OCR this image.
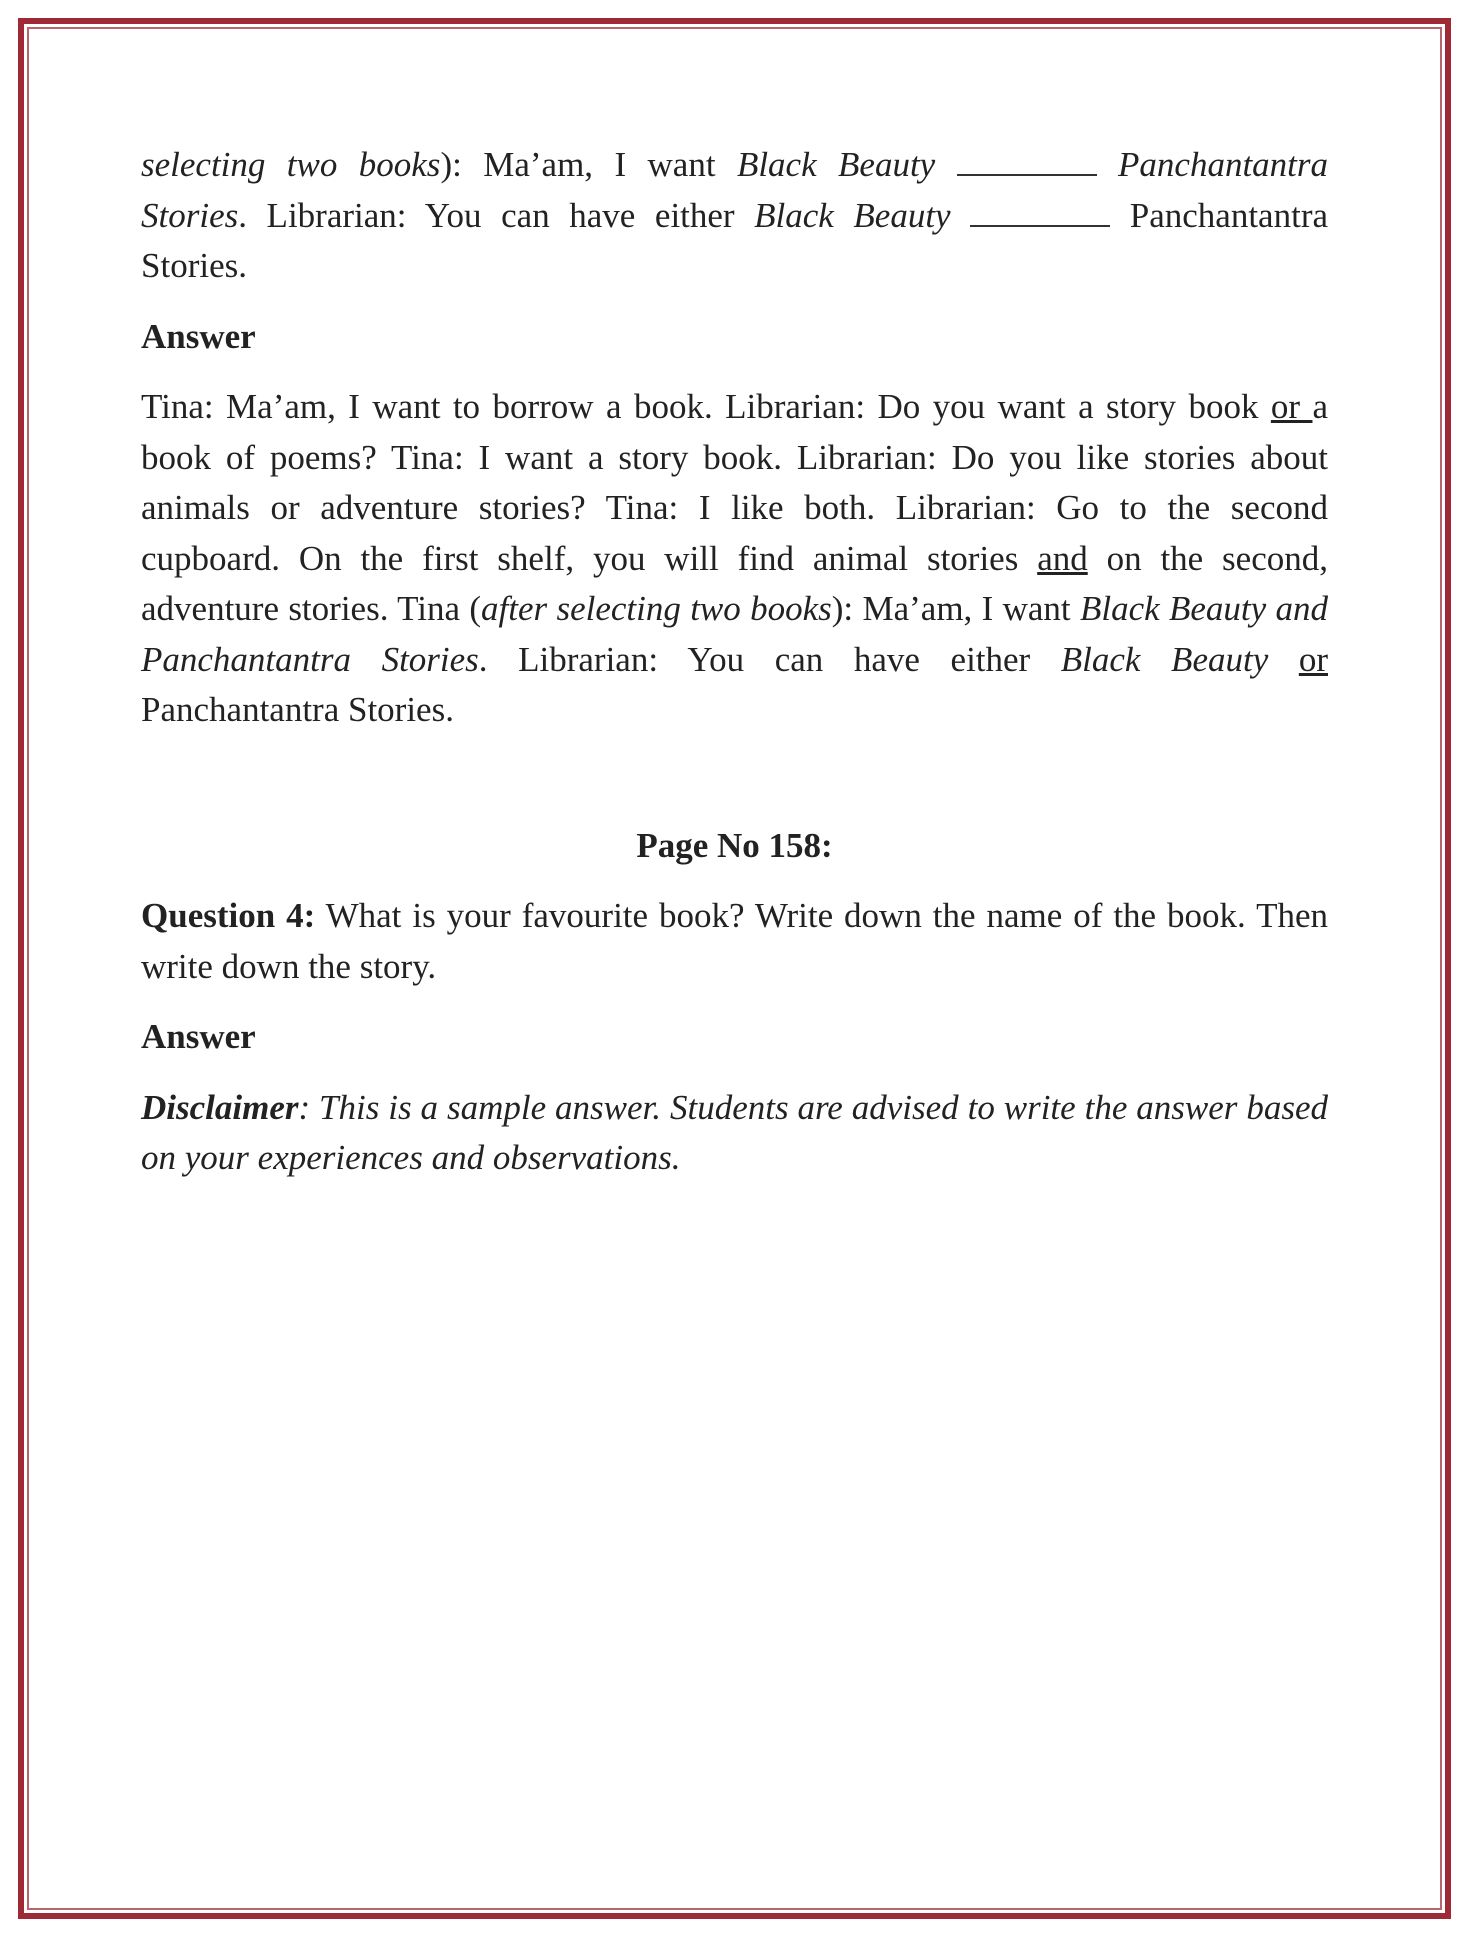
selecting two books): Ma’am, I want Black Beauty	Panchantantra Stories. Librarian: You can have either Black Beauty	Panchantantra Stories.

Answer

Tina: Ma’am, I want to borrow a book. Librarian: Do you want a story book or a book of poems? Tina: I want a story book. Librarian: Do you like stories about animals or adventure stories? Tina: I like both. Librarian: Go to the second cupboard. On the first shelf, you will find animal stories and on the second, adventure stories. Tina (after selecting two books): Ma’am, I want Black Beauty and Panchantantra Stories. Librarian: You can have either Black Beauty or Panchantantra Stories.

Page No 158:

Question 4: What is your favourite book? Write down the name of the book. Then write down the story.

Answer

Disclaimer: This is a sample answer. Students are advised to write the answer based on your experiences and observations.
